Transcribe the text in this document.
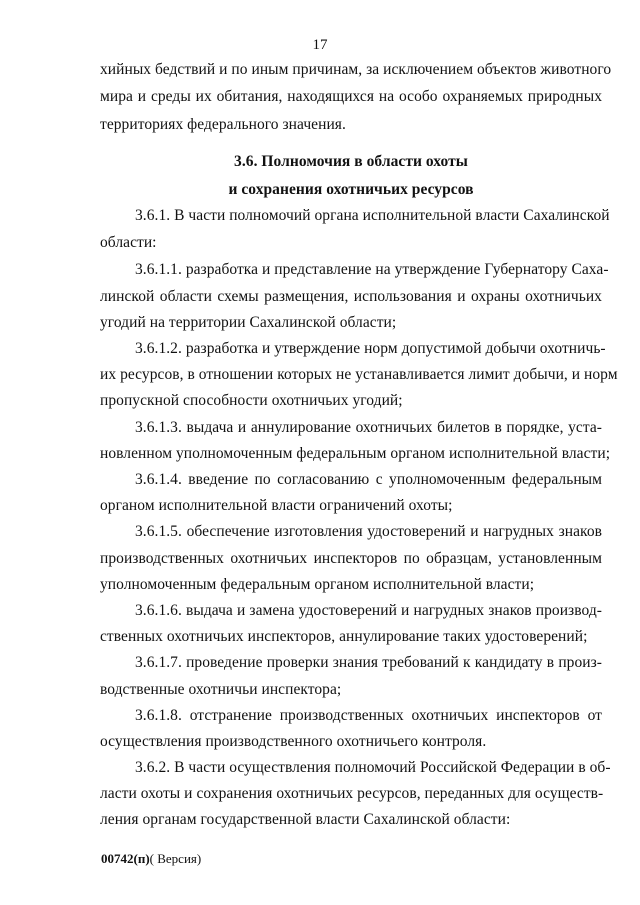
17
хийных бедствий и по иным причинам, за исключением объектов животного
мира и среды их обитания, находящихся на особо охраняемых природных
территориях федерального значения.
3.6. Полномочия в области охоты
и сохранения охотничьих ресурсов
3.6.1. В части полномочий органа исполнительной власти Сахалинской
области:
3.6.1.1. разработка и представление на утверждение Губернатору Саха-
линской области схемы размещения, использования и охраны охотничьих
угодий на территории Сахалинской области;
3.6.1.2. разработка и утверждение норм допустимой добычи охотничь-
их ресурсов, в отношении которых не устанавливается лимит добычи, и норм
пропускной способности охотничьих угодий;
3.6.1.3. выдача и аннулирование охотничьих билетов в порядке, уста-
новленном уполномоченным федеральным органом исполнительной власти;
3.6.1.4. введение по согласованию с уполномоченным федеральным
органом исполнительной власти ограничений охоты;
3.6.1.5. обеспечение изготовления удостоверений и нагрудных знаков
производственных охотничьих инспекторов по образцам, установленным
уполномоченным федеральным органом исполнительной власти;
3.6.1.6. выдача и замена удостоверений и нагрудных знаков производ-
ственных охотничьих инспекторов, аннулирование таких удостоверений;
3.6.1.7. проведение проверки знания требований к кандидату в произ-
водственные охотничьи инспектора;
3.6.1.8. отстранение производственных охотничьих инспекторов от
осуществления производственного охотничьего контроля.
3.6.2. В части осуществления полномочий Российской Федерации в об-
ласти охоты и сохранения охотничьих ресурсов, переданных для осуществ-
ления органам государственной власти Сахалинской области:
00742(п)( Версия)
